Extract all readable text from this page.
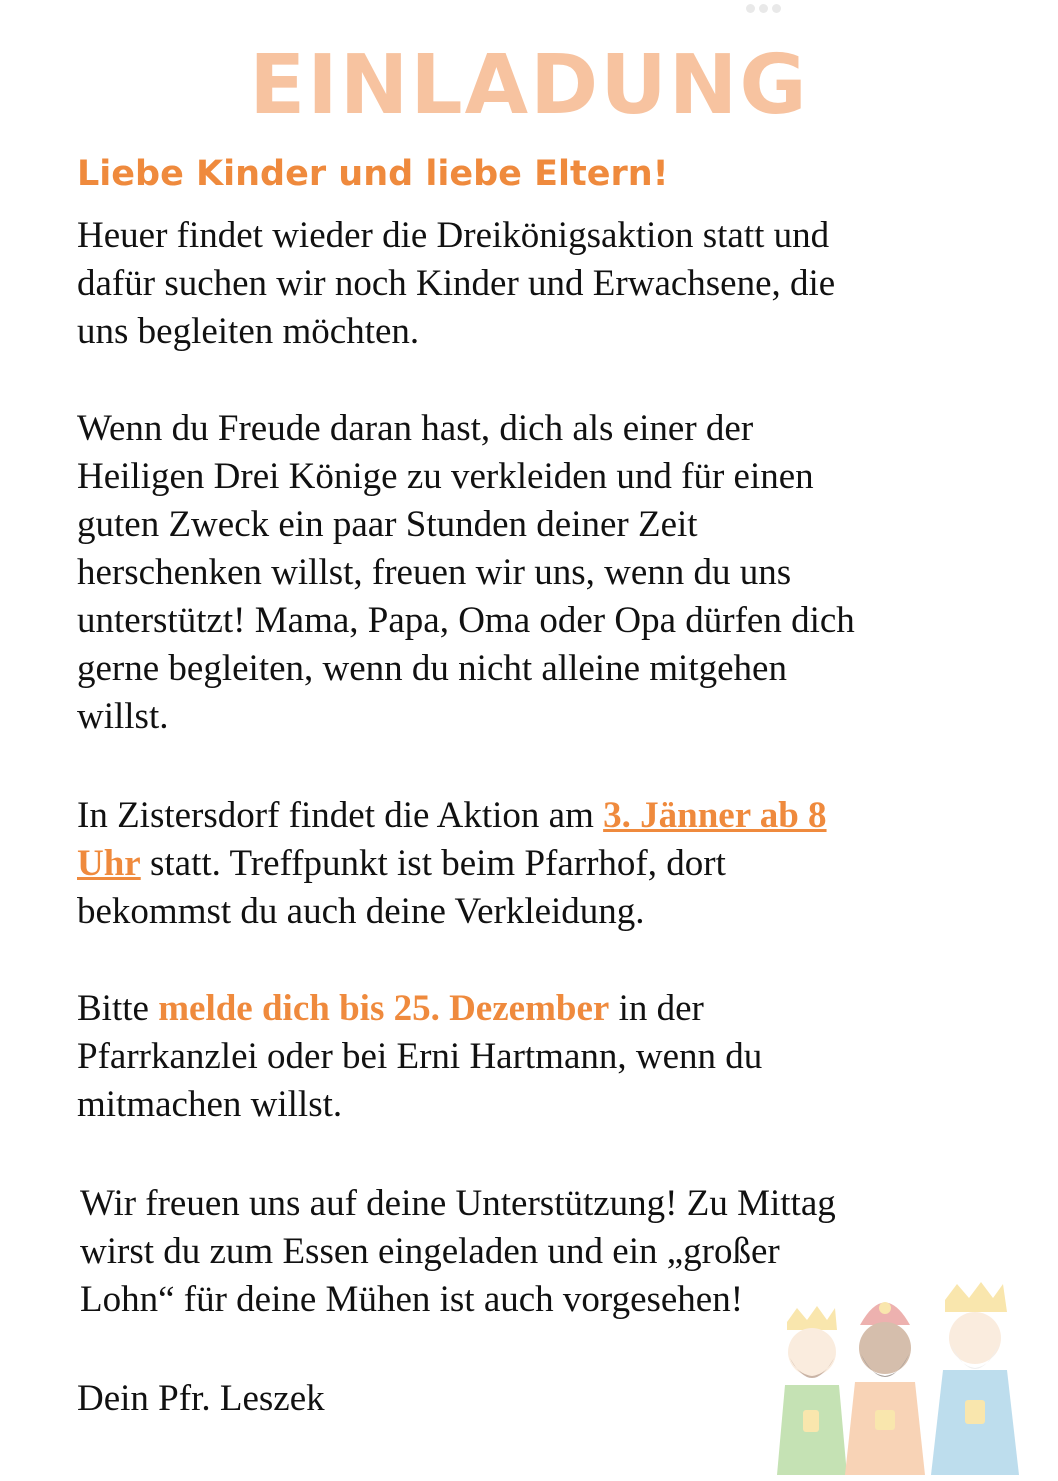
EINLADUNG
Liebe Kinder und liebe Eltern!

Heuer findet wieder die Dreikönigsaktion statt und
dafür suchen wir noch Kinder und Erwachsene, die
uns begleiten möchten.

Wenn du Freude daran hast, dich als einer der
Heiligen Drei Könige zu verkleiden und für einen
guten Zweck ein paar Stunden deiner Zeit
herschenken willst, freuen wir uns, wenn du uns
unterstützt! Mama, Papa, Oma oder Opa dürfen dich
gerne begleiten, wenn du nicht alleine mitgehen
willst.

In Zistersdorf findet die Aktion am 3. Jänner ab 8
Uhr statt. Treffpunkt ist beim Pfarrhof, dort
bekommst du auch deine Verkleidung.

Bitte melde dich bis 25. Dezember in der
Pfarrkanzlei oder bei Erni Hartmann, wenn du
mitmachen willst.

Wir freuen uns auf deine Unterstützung! Zu Mittag
wirst du zum Essen eingeladen und ein „großer
Lohn“ für deine Mühen ist auch vorgesehen!

Dein Pfr. Leszek
